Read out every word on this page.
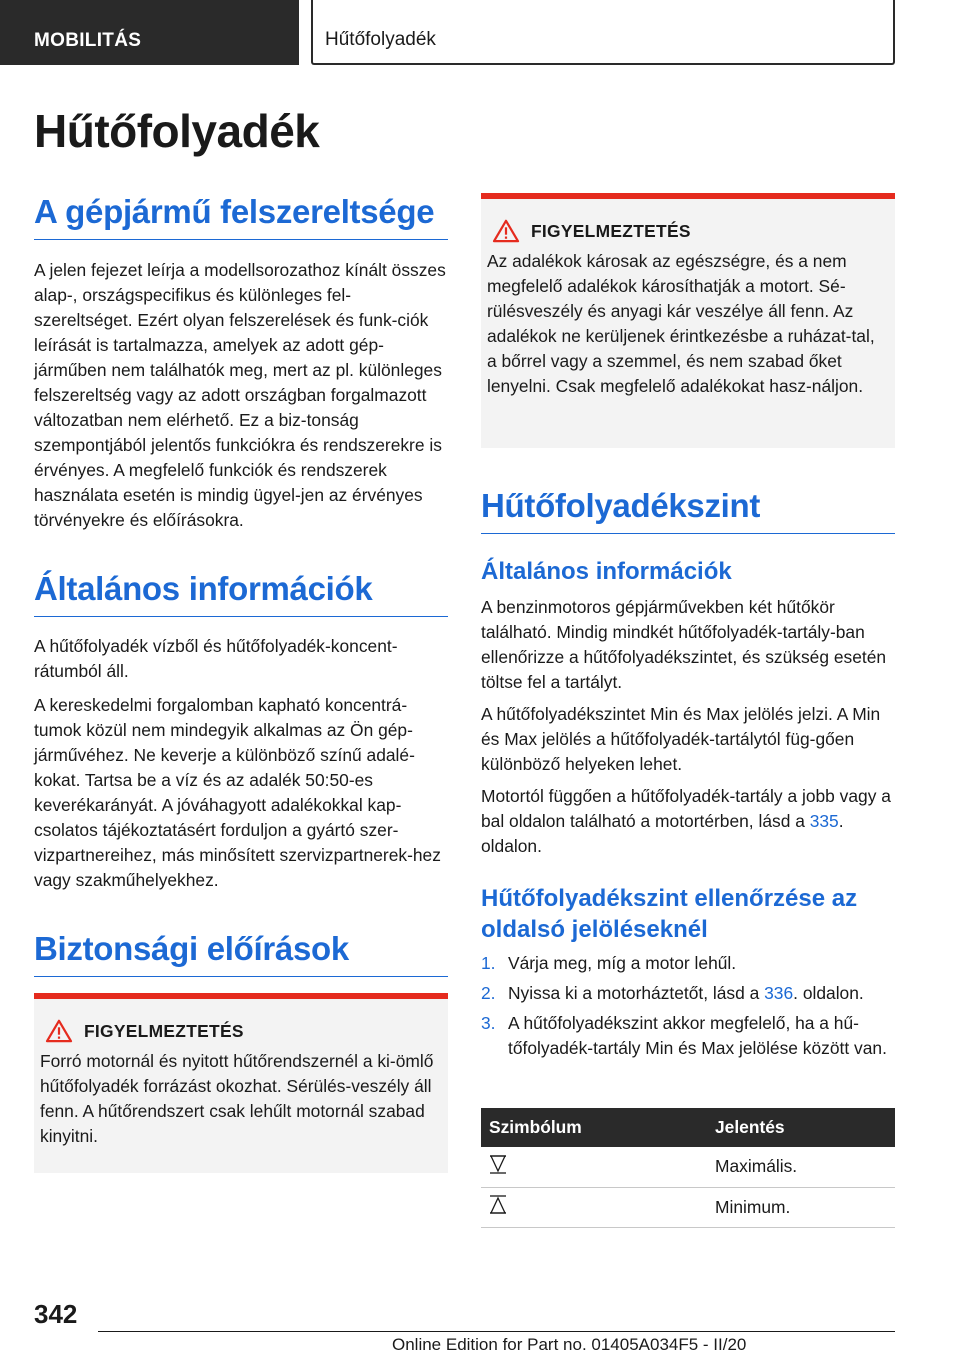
MOBILITÁS	Hűtőfolyadék
Hűtőfolyadék
A gépjármű felszereltsége

A jelen fejezet leírja a modellsorozathoz kínált összes alap-, országspecifikus és különleges fel-szereltséget. Ezért olyan felszerelések és funk-ciók leírását is tartalmazza, amelyek az adott gép-járműben nem találhatók meg, mert az pl. különleges felszereltség vagy az adott országban forgalmazott változatban nem elérhető. Ez a biz-tonság szempontjából jelentős funkciókra és rendszerekre is érvényes. A megfelelő funkciók és rendszerek használata esetén is mindig ügyel-jen az érvényes törvényekre és előírásokra.

Általános információk

A hűtőfolyadék vízből és hűtőfolyadék-koncent-rátumból áll.

A kereskedelmi forgalomban kapható koncentrá-tumok közül nem mindegyik alkalmas az Ön gép-járművéhez. Ne keverje a különböző színű adalé-kokat. Tartsa be a víz és az adalék 50:50-es keverékarányát. A jóváhagyott adalékokkal kap-csolatos tájékoztatásért forduljon a gyártó szer-vizpartnereihez, más minősített szervizpartnerek-hez vagy szakműhelyekhez.

Biztonsági előírások
FIGYELMEZTETÉS
Forró motornál és nyitott hűtőrendszernél a ki-ömlő hűtőfolyadék forrázást okozhat. Sérülés-veszély áll fenn. A hűtőrendszert csak lehűlt motornál szabad kinyitni.
FIGYELMEZTETÉS
Az adalékok károsak az egészségre, és a nem megfelelő adalékok károsíthatják a motort. Sé-rülésveszély és anyagi kár veszélye áll fenn. Az adalékok ne kerüljenek érintkezésbe a ruházat-tal, a bőrrel vagy a szemmel, és nem szabad őket lenyelni. Csak megfelelő adalékokat hasz-náljon.
Hűtőfolyadékszint
Általános információk

A benzinmotoros gépjárművekben két hűtőkör található. Mindig mindkét hűtőfolyadék-tartály-ban ellenőrizze a hűtőfolyadékszintet, és szükség esetén töltse fel a tartályt.

A hűtőfolyadékszintet Min és Max jelölés jelzi. A Min és Max jelölés a hűtőfolyadék-tartálytól füg-gően különböző helyeken lehet.

Motortól függően a hűtőfolyadék-tartály a jobb vagy a bal oldalon található a motortérben, lásd a 335. oldalon.

Hűtőfolyadékszint ellenőrzése az oldalsó jelöléseknél
1. Várja meg, míg a motor lehűl.
2. Nyissa ki a motorháztetőt, lásd a 336. oldalon.
3. A hűtőfolyadékszint akkor megfelelő, ha a hű-tőfolyadék-tartály Min és Max jelölése között van.
Szimbólum	Jelentés
	Maximális.
	Minimum.
342
Online Edition for Part no. 01405A034F5 - II/20
